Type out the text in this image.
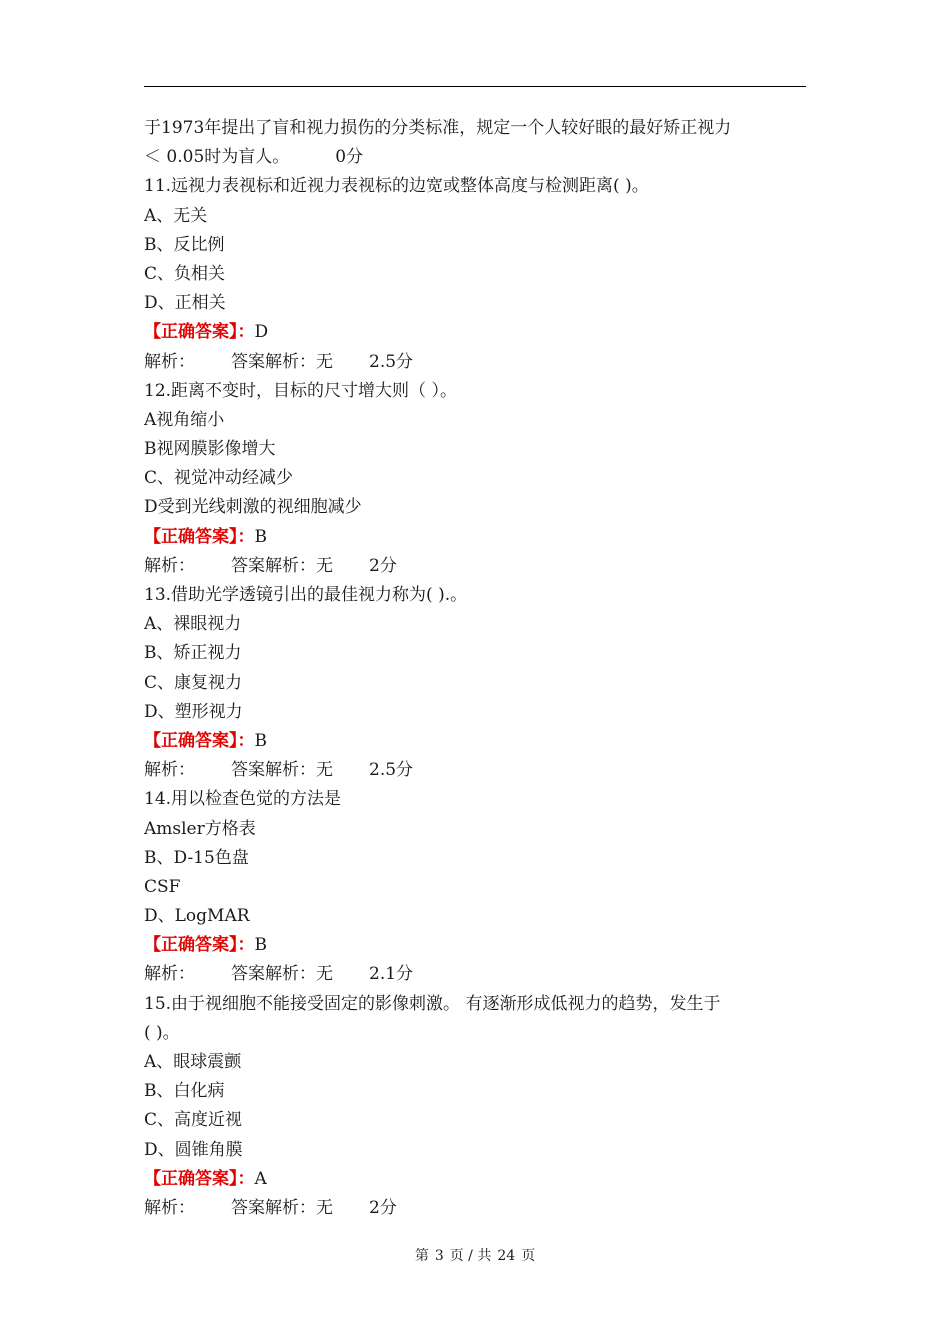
于1973年提出了盲和视力损伤的分类标准，规定一个人较好眼的最好矫正视力
＜ 0.05时为盲人。	0分
11.远视力表视标和近视力表视标的边宽或整体高度与检测距离( )。
A、无关
B、反比例
C、负相关
D、正相关
【正确答案】：D
解析： 答案解析：无 2.5分
12.距离不变时，目标的尺寸增大则（ ）。
A视角缩小
B视网膜影像增大
C、视觉冲动经减少
D受到光线刺激的视细胞减少
【正确答案】：B
解析： 答案解析：无 2分
13.借助光学透镜引出的最佳视力称为( ).。
A、裸眼视力
B、矫正视力
C、康复视力
D、塑形视力
【正确答案】：B
解析： 答案解析：无 2.5分
14.用以检查色觉的方法是
Amsler方格表
B、D-15色盘
CSF
D、LogMAR
【正确答案】：B
解析： 答案解析：无 2.1分
15.由于视细胞不能接受固定的影像刺激。 有逐渐形成低视力的趋势，发生于
( )。
A、眼球震颤
B、白化病
C、高度近视
D、圆锥角膜
【正确答案】：A
解析： 答案解析：无 2分
第 3 页 / 共 24 页
